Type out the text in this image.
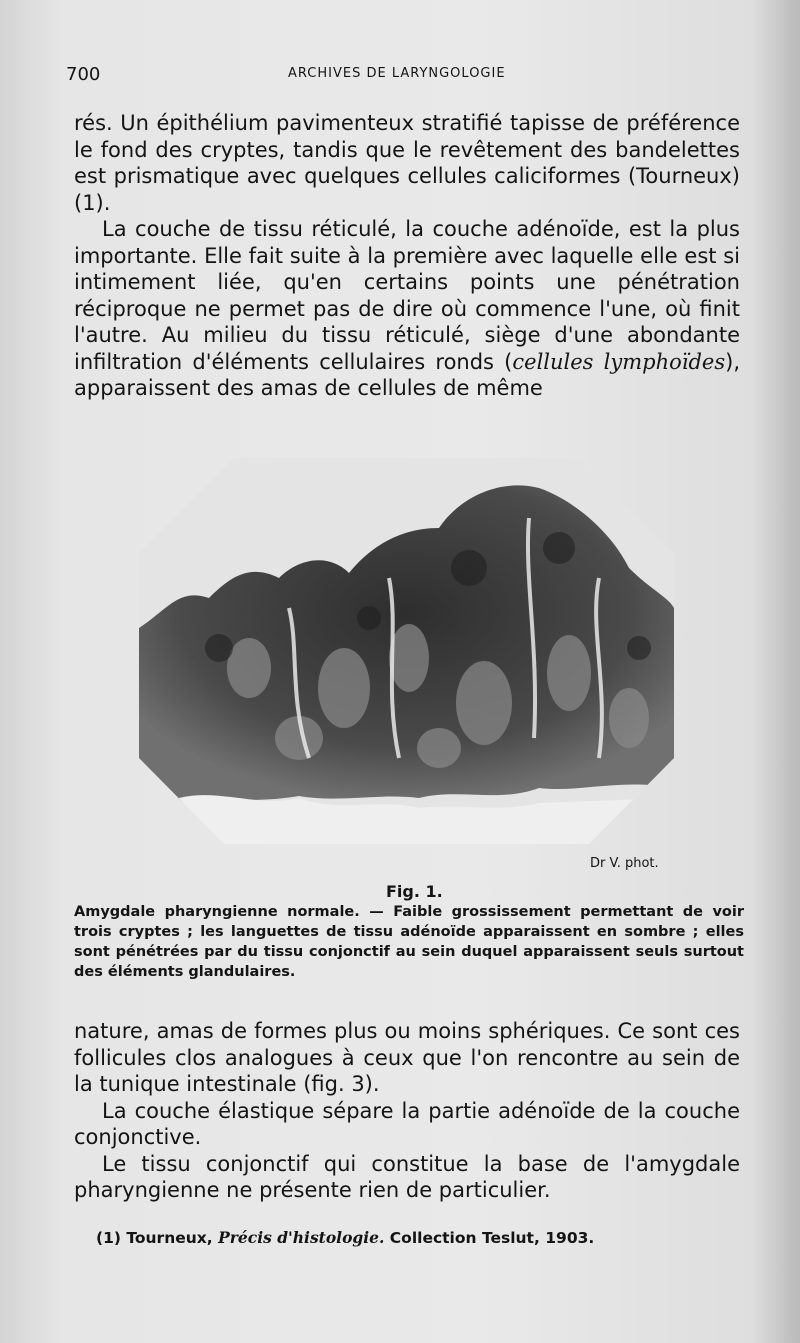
700	ARCHIVES DE LARYNGOLOGIE

rés. Un épithélium pavimenteux stratifié tapisse de préférence le fond des cryptes, tandis que le revêtement des bandelettes est prismatique avec quelques cellules caliciformes (Tourneux) (1).

La couche de tissu réticulé, la couche adénoïde, est la plus importante. Elle fait suite à la première avec laquelle elle est si intimement liée, qu'en certains points une pénétration réciproque ne permet pas de dire où commence l'une, où finit l'autre. Au milieu du tissu réticulé, siège d'une abondante infiltration d'éléments cellulaires ronds (cellules lymphoïdes), apparaissent des amas de cellules de même

Dr V. phot.
Fig. 1.
Amygdale pharyngienne normale. — Faible grossissement permettant de voir trois cryptes ; les languettes de tissu adénoïde apparaissent en sombre ; elles sont pénétrées par du tissu conjonctif au sein duquel apparaissent seuls surtout des éléments glandulaires.

nature, amas de formes plus ou moins sphériques. Ce sont ces follicules clos analogues à ceux que l'on rencontre au sein de la tunique intestinale (fig. 3).

La couche élastique sépare la partie adénoïde de la couche conjonctive.

Le tissu conjonctif qui constitue la base de l'amygdale pharyngienne ne présente rien de particulier.

(1) Tourneux, Précis d'histologie. Collection Teslut, 1903.
